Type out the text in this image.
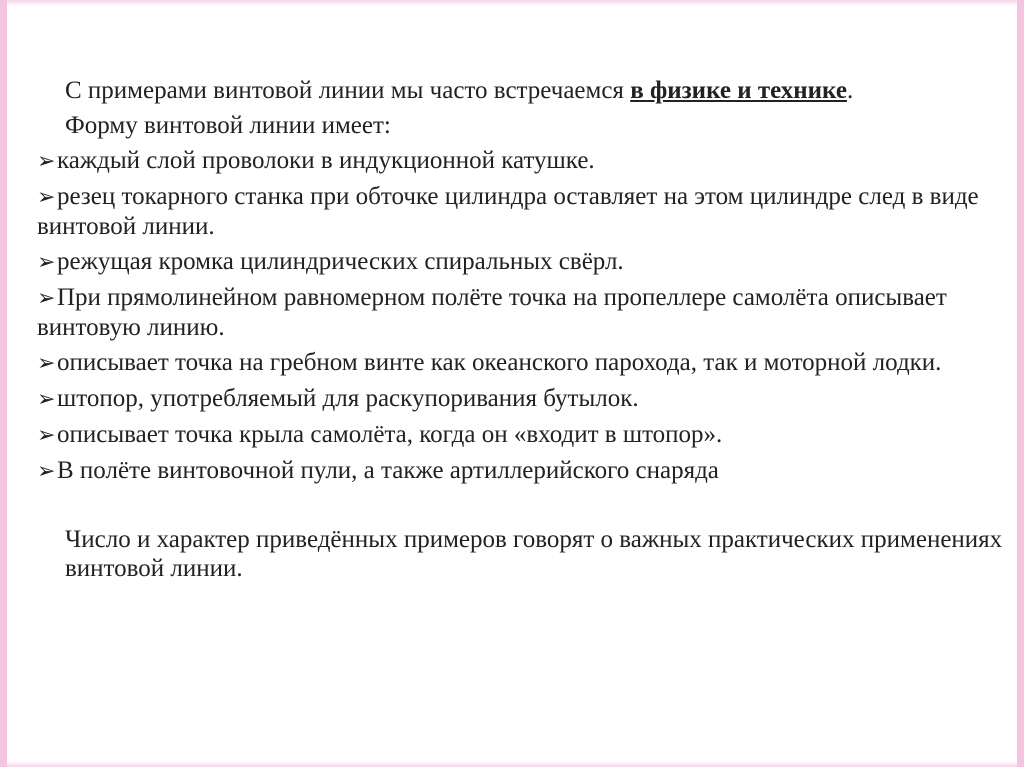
С примерами винтовой линии мы часто встречаемся в физике и технике.

Форму винтовой линии имеет:

➢каждый слой проволоки в индукционной катушке.
➢резец токарного станка при обточке цилиндра оставляет на этом цилиндре след в виде винтовой линии.
➢режущая кромка цилиндрических спиральных свёрл.
➢При прямолинейном равномерном полёте точка на пропеллере самолёта описывает винтовую линию.
➢описывает точка на гребном винте как океанского парохода, так и моторной лодки.
➢штопор, употребляемый для раскупоривания бутылок.
➢описывает точка крыла самолёта, когда он «входит в штопор».
➢В полёте винтовочной пули, а также артиллерийского снаряда

Число и характер приведённых примеров говорят о важных практических применениях винтовой линии.
